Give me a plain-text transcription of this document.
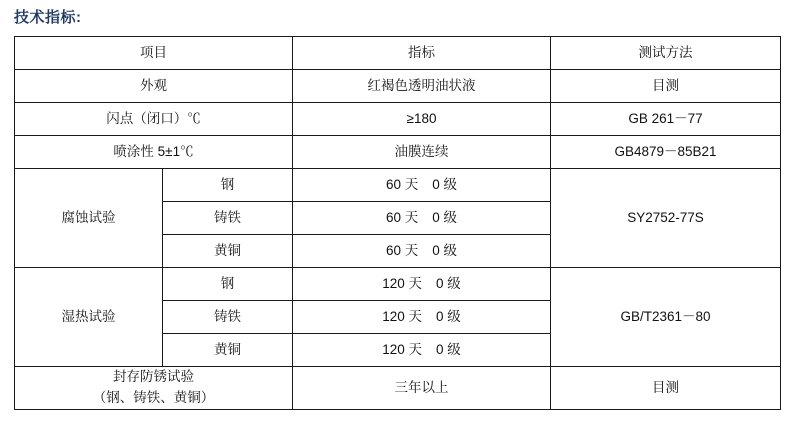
技术指标:
项目		指标	测试方法
外观		红褐色透明油状液	目测
闪点（闭口）℃		≥180	GB 261－77
喷涂性 5±1℃		油膜连续	GB4879－85B21
腐蚀试验	钢	60 天 0 级	SY2752-77S
	铸铁	60 天 0 级	
	黄铜	60 天 0 级	
湿热试验	钢	120 天 0 级	GB/T2361－80
	铸铁	120 天 0 级	
	黄铜	120 天 0 级	

封存防锈试验
（钢、铸铁、黄铜）		三年以上	目测
